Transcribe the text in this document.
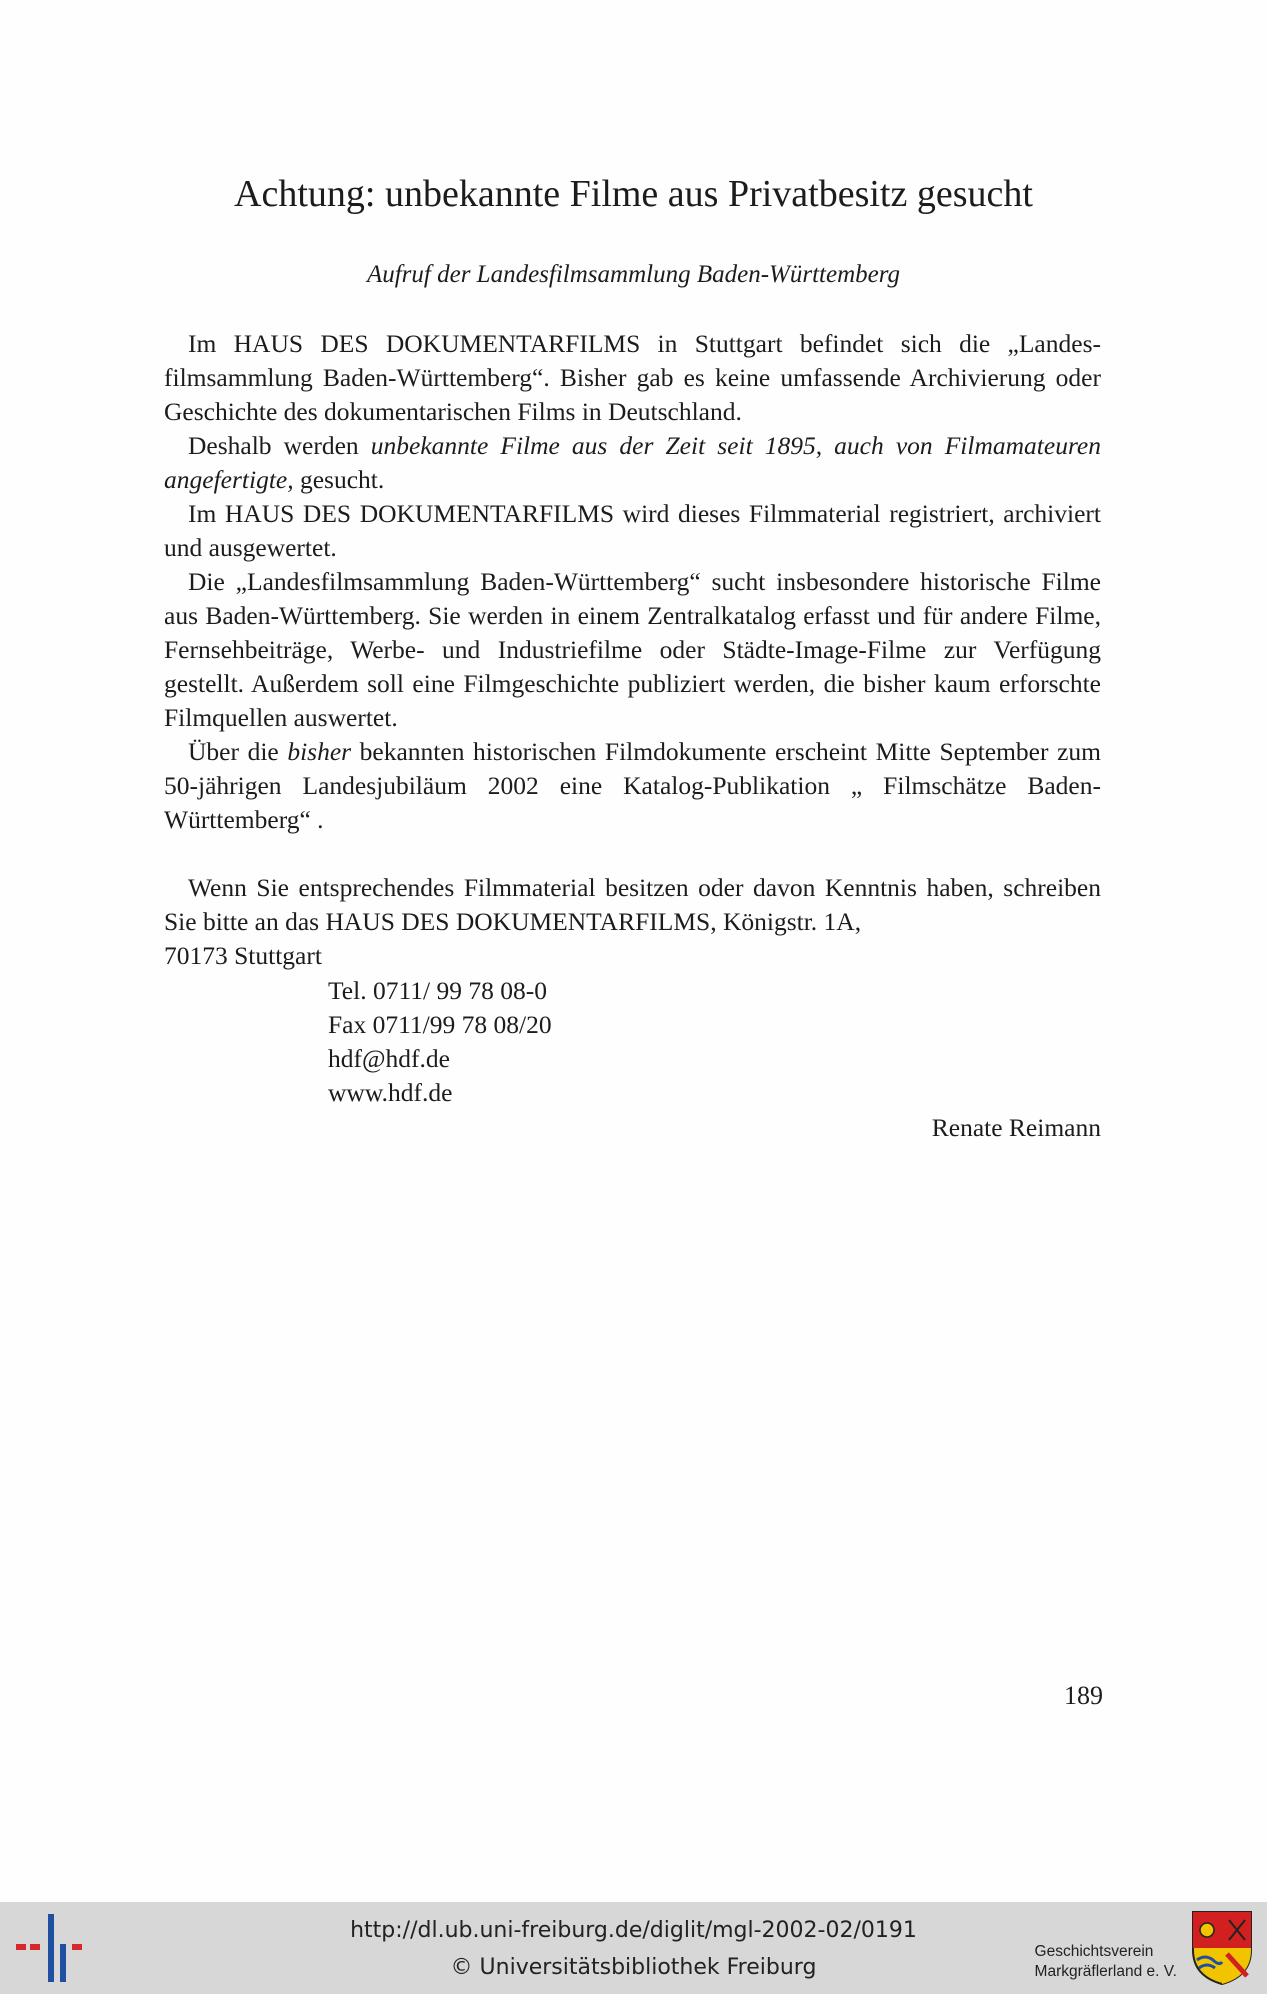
Achtung: unbekannte Filme aus Privatbesitz gesucht
Aufruf der Landesfilmsammlung Baden-Württemberg

Im HAUS DES DOKUMENTARFILMS in Stuttgart befindet sich die „Landesfilmsammlung Baden-Württemberg“. Bisher gab es keine umfassende Archivierung oder Geschichte des dokumentarischen Films in Deutschland.

Deshalb werden unbekannte Filme aus der Zeit seit 1895, auch von Filmamateuren angefertigte, gesucht.

Im HAUS DES DOKUMENTARFILMS wird dieses Filmmaterial registriert, archiviert und ausgewertet.

Die „Landesfilmsammlung Baden-Württemberg“ sucht insbesondere historische Filme aus Baden-Württemberg. Sie werden in einem Zentralkatalog erfasst und für andere Filme, Fernsehbeiträge, Werbe- und Industriefilme oder Städte-Image-Filme zur Verfügung gestellt. Außerdem soll eine Filmgeschichte publiziert werden, die bisher kaum erforschte Filmquellen auswertet.

Über die bisher bekannten historischen Filmdokumente erscheint Mitte September zum 50-jährigen Landesjubiläum 2002 eine Katalog-Publikation „ Filmschätze Baden-Württemberg“ .

Wenn Sie entsprechendes Filmmaterial besitzen oder davon Kenntnis haben, schreiben Sie bitte an das HAUS DES DOKUMENTARFILMS, Königstr. 1A,

70173 Stuttgart
Tel. 0711/ 99 78 08-0
Fax 0711/99 78 08/20
hdf@hdf.de
www.hdf.de
Renate Reimann
189
http://dl.ub.uni-freiburg.de/diglit/mgl-2002-02/0191
© Universitätsbibliothek Freiburg
Geschichtsverein
Markgräflerland e. V.
